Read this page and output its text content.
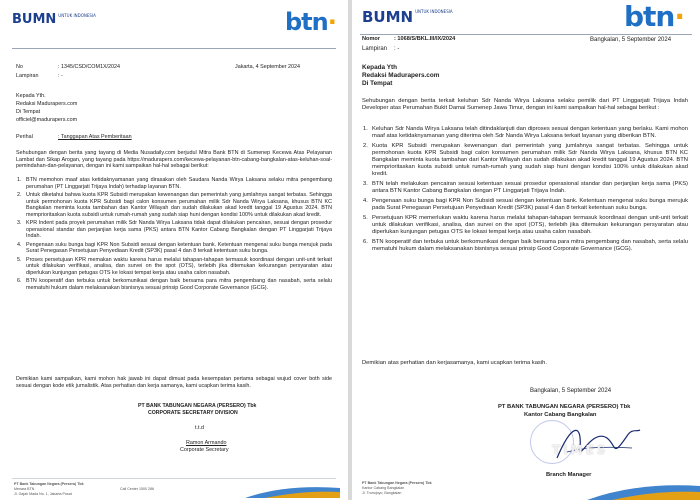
BUMN UNTUK INDONESIA	btn·
No	: 1345/CSD/COM1X/2024	Jakarta, 4 September 2024
Lampiran	: -
Kepada Yth.
Redaksi Madurapers.com
Di Tempat
officiel@madurapers.com
Perihal	: Tanggapan Atas Pemberitaan
Sehubungan dengan berita yang tayang di Media Nusadaily.com berjudul Mitra Bank BTN di Sumenep Kecewa Atas Pelayanan Lambat dan Sikap Arogan, yang tayang pada https://madurapers.com/kecewa-pelayanan-btn-cabang-bangkalan-atas-keluhan-soal-pemindahan-dan-pelayanan, dengan ini kami sampaikan hal-hal sebagai berikut:
1. BTN memohon maaf atas ketidaknyamanan yang dirasakan oleh Saudara Nanda Wirya Laksana selaku mitra pengembang perumahan (PT Linggarjati Trijaya Indah) terhadap layanan BTN.
2. Untuk diketahui bahwa kuota KPR Subsidi merupakan kewenangan dan pemerintah yang jumlahnya sangat terbatas. Sehingga untuk permohonan kuota KPR Subsidi bagi calon konsumen perumahan milik Sdr Nanda Wirya Laksana, khusus BTN KC Bangkalan meminta kuota tambahan dan Kantor Wilayah dan sudah dilakukan akad kredit tanggal 19 Agustus 2024. BTN memprioritaskan kuota subsidi untuk rumah-rumah yang sudah siap huni dengan kondisi 100% untuk dilakukan akad kredit.
3. KPR Indent pada proyek perumahan milik Sdr Nanda Wirya Laksana tidak dapat dilakukan pencairan, sesuai dengan prosedur operasional standar dan perjanjian kerja sama (PKS) antara BTN Kantor Cabang Bangkalan dengan PT Linggarjati Trijaya Indah.
4. Pengenaan suku bunga bagi KPR Non Subsidi sesuai dengan ketentuan bank. Ketentuan mengenai suku bunga merujuk pada Surat Penegasan Persetujuan Penyediaan Kredit (SP3K) pasal 4 dan 8 terkait ketentuan suku bunga.
5. Proses persetujuan KPR memakan waktu karena harus melalui tahapan-tahapan termasuk koordinasi dengan unit-unit terkait untuk dilakukan verifikasi, analisa, dan survei on the spot (OTS), terlebih jika ditemukan kekurangan persyaratan atau diperlukan kunjungan petugas OTS ke lokasi tempat kerja atau usaha calon nasabah.
6. BTN kooperatif dan terbuka untuk berkomunikasi dengan baik bersama para mitra pengembang dan nasabah, serta selalu mematuhi hukum dalam melaksanakan bisnisnya sesuai prinsip Good Corporate Governance (GCG).
Demikian kami sampaikan, kami mohon hak jawab ini dapat dimuat pada kesempatan pertama sebagai wujud cover both side sesuai dengan kode etik jurnalistik. Atas perhatian dan kerja samanya, kami ucapkan terima kasih.
PT BANK TABUNGAN NEGARA (PERSERO) Tbk
CORPORATE SECRETARY DIVISION
t.t.d
Ramon Armando
Corporate Secretary
PT Bank Tabungan Negara (Persero) Tbk
Menara BTN
Jl. Gajah Mada No. 1, Jakarta Pusat
Call Center 1500 286
BUMN UNTUK INDONESIA	btn·
Nomor : 1068/S/BKL.III/IX/2024	Bangkalan, 5 September 2024
Lampiran : -
Kepada Yth
Redaksi Madurapers.com
Di Tempat
Sehubungan dengan berita terkait keluhan Sdr Nanda Wirya Laksana selaku pemilik dari PT Linggarjati Trijaya Indah Developer atas Perumahan Bukit Damai Sumenep Jawa Timur, dengan ini kami sampaikan hal-hal sebagai berikut :
1. Keluhan Sdr Nanda Wirya Laksana telah ditindaklanjuti dan diproses sesuai dengan ketentuan yang berlaku. Kami mohon maaf atas ketidaknyamanan yang diterima oleh Sdr Nanda Wirya Laksana terkait layanan yang diberikan BTN.
2. Kuota KPR Subsidi merupakan kewenangan dari pemerintah yang jumlahnya sangat terbatas. Sehingga untuk permohonan kuota KPR Subsidi bagi calon konsumen perumahan milik Sdr Nanda Wirya Laksana, khusus BTN KC Bangkalan meminta kuota tambahan dari Kantor Wilayah dan sudah dilakukan akad kredit tanggal 19 Agustus 2024. BTN memprioritaskan kuota subsidi untuk rumah-rumah yang sudah siap huni dengan kondisi 100% untuk dilakukan akad kredit.
3. BTN telah melakukan pencairan sesuai ketentuan sesuai prosedur operasional standar dan perjanjian kerja sama (PKS) antara BTN Kantor Cabang Bangkalan dengan PT Linggarjati Trijaya Indah.
4. Pengenaan suku bunga bagi KPR Non Subsidi sesuai dengan ketentuan bank. Ketentuan mengenai suku bunga merujuk pada Surat Penegasan Persetujuan Penyediaan Kredit (SP3K) pasal 4 dan 8 terkait ketentuan suku bunga.
5. Persetujuan KPR memerlukan waktu karena harus melalui tahapan-tahapan termasuk koordinasi dengan unit-unit terkait untuk dilakukan verifikasi, analisa, dan survei on the spot (OTS), terlebih jika ditemukan kekurangan persyaratan atau diperlukan kunjungan petugas OTS ke lokasi tempat kerja atau usaha calon nasabah.
6. BTN kooperatif dan terbuka untuk berkomunikasi dengan baik bersama para mitra pengembang dan nasabah, serta selalu mematuhi hukum dalam melaksanakan bisnisnya sesuai prinsip Good Corporate Governance (GCG).
Demikian atas perhatian dan kerjasamanya, kami ucapkan terima kasih.
Bangkalan, 5 September 2024
PT BANK TABUNGAN NEGARA (PERSERO) Tbk
Kantor Cabang Bangkalan
TIMES
Branch Manager
PT Bank Tabungan Negara (Persero) Tbk
Kantor Cabang Bangkalan
Jl. Trunojoyo, Bangkalan
